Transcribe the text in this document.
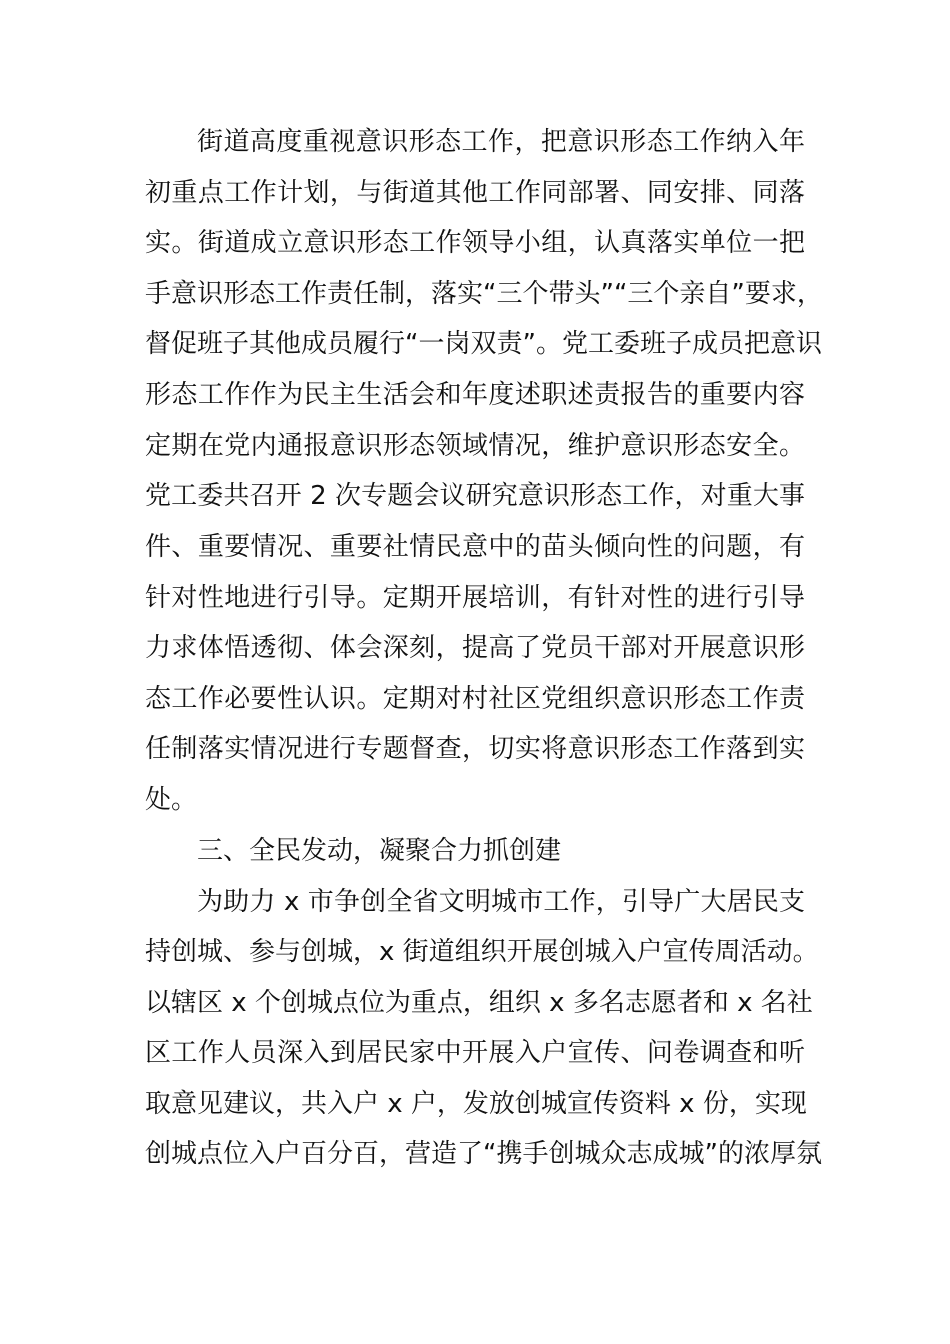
街道高度重视意识形态工作，把意识形态工作纳入年
初重点工作计划，与街道其他工作同部署、同安排、同落
实。街道成立意识形态工作领导小组，认真落实单位一把
手意识形态工作责任制，落实“三个带头”“三个亲自”要求，
督促班子其他成员履行“一岗双责”。党工委班子成员把意识
形态工作作为民主生活会和年度述职述责报告的重要内容
定期在党内通报意识形态领域情况，维护意识形态安全。
党工委共召开 2 次专题会议研究意识形态工作，对重大事
件、重要情况、重要社情民意中的苗头倾向性的问题，有
针对性地进行引导。定期开展培训，有针对性的进行引导
力求体悟透彻、体会深刻，提高了党员干部对开展意识形
态工作必要性认识。定期对村社区党组织意识形态工作责
任制落实情况进行专题督查，切实将意识形态工作落到实
处。
三、全民发动，凝聚合力抓创建
为助力 x 市争创全省文明城市工作，引导广大居民支
持创城、参与创城，x 街道组织开展创城入户宣传周活动。
以辖区 x 个创城点位为重点，组织 x 多名志愿者和 x 名社
区工作人员深入到居民家中开展入户宣传、问卷调查和听
取意见建议，共入户 x 户，发放创城宣传资料 x 份，实现
创城点位入户百分百，营造了“携手创城众志成城”的浓厚氛
